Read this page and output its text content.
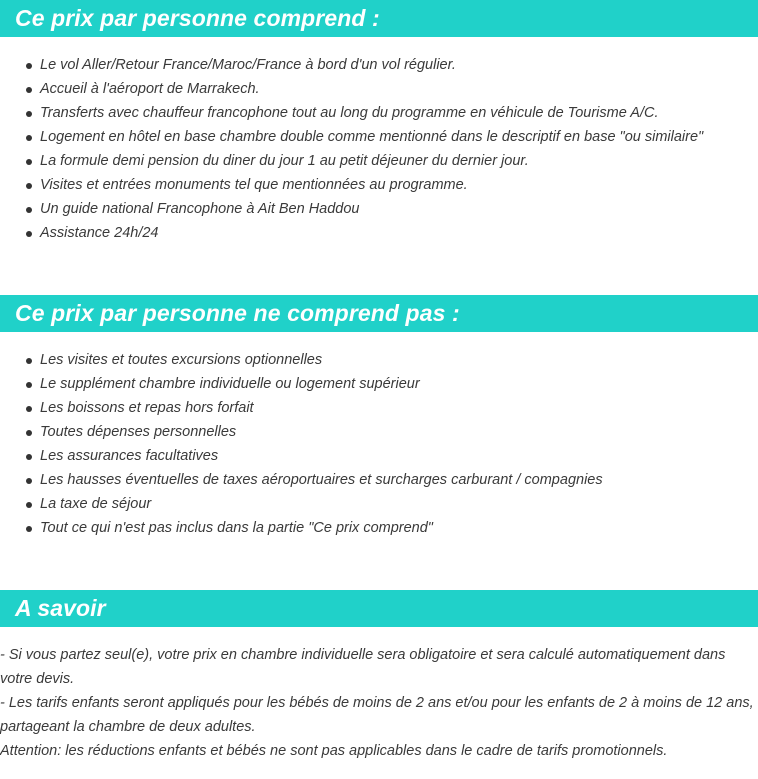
Ce prix par personne comprend :
Le vol Aller/Retour France/Maroc/France à bord d'un vol régulier.
Accueil à l'aéroport de Marrakech.
Transferts avec chauffeur francophone tout au long du programme en véhicule de Tourisme A/C.
Logement en hôtel en base chambre double comme mentionné dans le descriptif en base "ou similaire"
La formule demi pension du diner du jour 1 au petit déjeuner du dernier jour.
Visites et entrées monuments tel que mentionnées au programme.
Un guide national Francophone à Ait Ben Haddou
Assistance 24h/24
Ce prix par personne ne comprend pas :
Les visites et toutes excursions optionnelles
Le supplément chambre individuelle ou logement supérieur
Les boissons et repas hors forfait
Toutes dépenses personnelles
Les assurances facultatives
Les hausses éventuelles de taxes aéroportuaires et surcharges carburant / compagnies
La taxe de séjour
Tout ce qui n'est pas inclus dans la partie "Ce prix comprend"
A savoir

- Si vous partez seul(e), votre prix en chambre individuelle sera obligatoire et sera calculé automatiquement dans votre devis.

- Les tarifs enfants seront appliqués pour les bébés de moins de 2 ans et/ou pour les enfants de 2 à moins de 12 ans, partageant la chambre de deux adultes.

Attention: les réductions enfants et bébés ne sont pas applicables dans le cadre de tarifs promotionnels.
